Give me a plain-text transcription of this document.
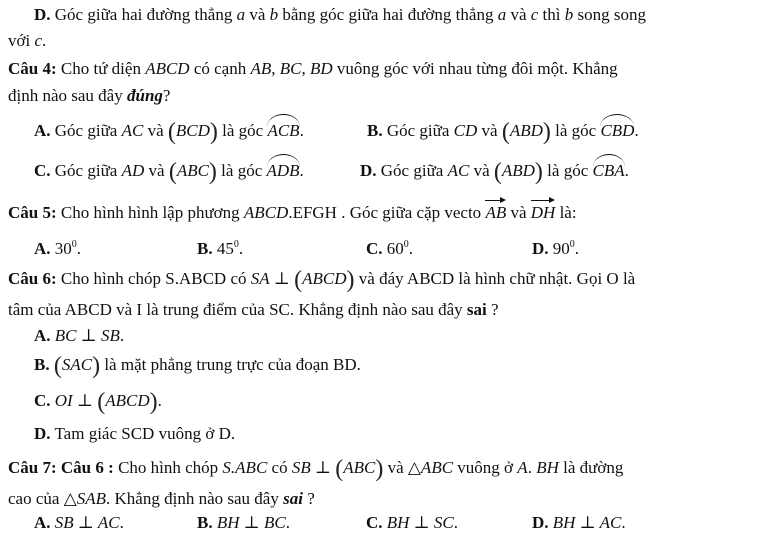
D. Góc giữa hai đường thẳng a và b bằng góc giữa hai đường thẳng a và c thì b song song
với c.
Câu 4: Cho tứ diện ABCD có cạnh AB, BC, BD vuông góc với nhau từng đôi một. Khẳng
định nào sau đây đúng?
A. Góc giữa AC và (BCD) là góc ACB.	B. Góc giữa CD và (ABD) là góc CBD.
C. Góc giữa AD và (ABC) là góc ADB.	D. Góc giữa AC và (ABD) là góc CBA.
Câu 5: Cho hình hình lập phương ABCD.EFGH . Góc giữa cặp vecto AB và DH là:
A. $30^0$.	B. $45^0$.	C. $60^0$.	D. $90^0$.
Câu 6: Cho hình chóp S.ABCD có SA ⊥ (ABCD) và đáy ABCD là hình chữ nhật. Gọi O là
tâm của ABCD và I là trung điểm của SC. Khẳng định nào sau đây sai ?
A. BC ⊥ SB.
B. (SAC) là mặt phẳng trung trực của đoạn BD.
C. OI ⊥ (ABCD).
D. Tam giác SCD vuông ở D.
Câu 7: Câu 6 : Cho hình chóp S.ABC có SB ⊥ (ABC) và △ABC vuông ở A. BH là đường
cao của △SAB. Khẳng định nào sau đây sai ?
A. SB ⊥ AC.	B. BH ⊥ BC.	C. BH ⊥ SC.	D. BH ⊥ AC.
